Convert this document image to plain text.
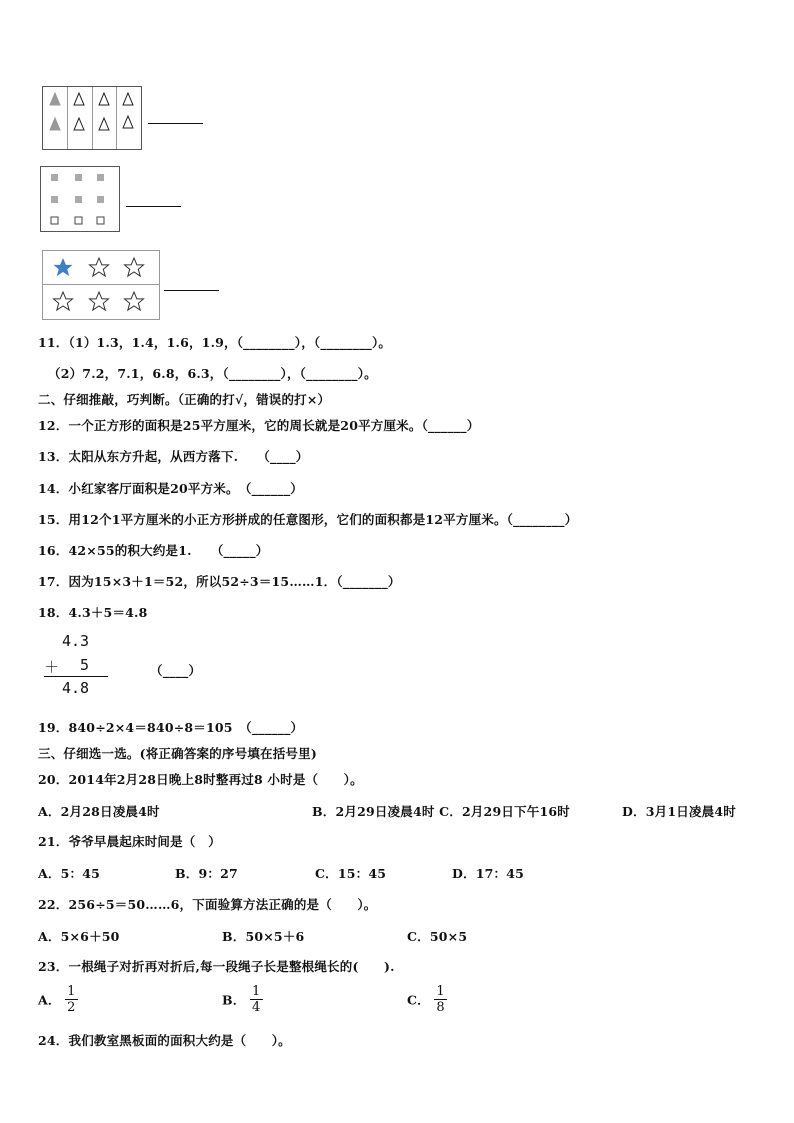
11．（1）1.3，1.4，1.6，1.9，（________），（________）。
（2）7.2，7.1，6.8，6.3，（________），（________）。
二、仔细推敲，巧判断。（正确的打√，错误的打×）
12．一个正方形的面积是25平方厘米，它的周长就是20平方厘米。（______）
13．太阳从东方升起，从西方落下.　　（____）
14．小红家客厅面积是20平方米。　（______）
15．用12个1平方厘米的小正方形拼成的任意图形，它们的面积都是12平方厘米。（________）
16．42×55的积大约是1.　　（_____）
17．因为15×3＋1＝52，所以52÷3＝15……1．（_______）
18．4.3＋5＝4.8
4.3
＋ 5
4.8
（____）
19．840÷2×4＝840÷8＝105　（______）
三、仔细选一选。(将正确答案的序号填在括号里)
20．2014年2月28日晚上8时整再过8 小时是（　　）。
A．2月28日凌晨4时	B．2月29日凌晨4时 C．2月29日下午16时	D．3月1日凌晨4时
21．爷爷早晨起床时间是（　）
A．5：45	B．9：27	C．15：45	D．17：45
22．256÷5＝50……6，下面验算方法正确的是（　　）。
A．5×6＋50	B．50×5＋6	C．50×5
23．一根绳子对折再对折后,每一段绳子长是整根绳长的(　　).
A． $\frac{1}{2}$	B． $\frac{1}{4}$	C． $\frac{1}{8}$
24．我们教室黑板面的面积大约是（　　）。
